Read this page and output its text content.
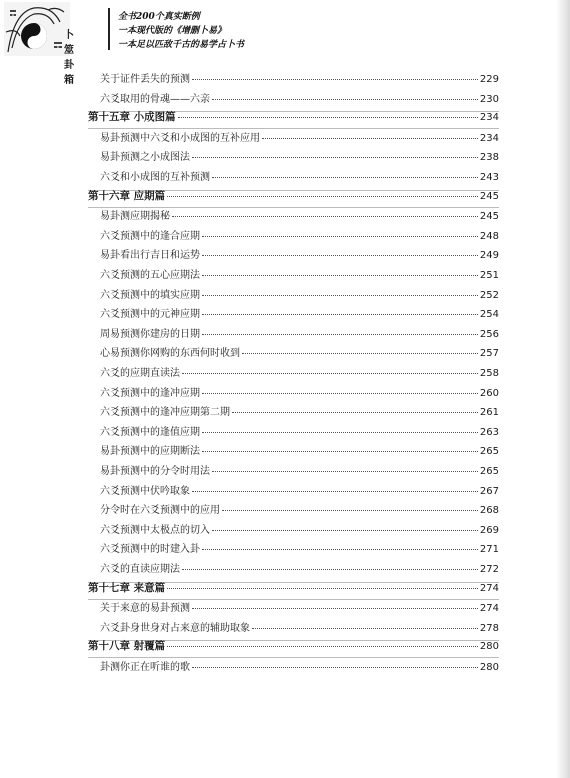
卜筮卦箱
全书200个真实断例
一本现代版的《增删卜易》
一本足以匹敌千古的易学占卜书
关于证件丢失的预测	229
六爻取用的骨魂——六亲	230
第十五章 小成图篇	234
易卦预测中六爻和小成图的互补应用	234
易卦预测之小成图法	238
六爻和小成图的互补预测	243
第十六章 应期篇	245
易卦测应期揭秘	245
六爻预测中的逢合应期	248
易卦看出行吉日和运势	249
六爻预测的五心应期法	251
六爻预测中的填实应期	252
六爻预测中的元神应期	254
周易预测你建房的日期	256
心易预测你网购的东西何时收到	257
六爻的应期直读法	258
六爻预测中的逢冲应期	260
六爻预测中的逢冲应期第二期	261
六爻预测中的逢值应期	263
易卦预测中的应期断法	265
易卦预测中的分令时用法	265
六爻预测中伏吟取象	267
分令时在六爻预测中的应用	268
六爻预测中太极点的切入	269
六爻预测中的时建入卦	271
六爻的直读应期法	272
第十七章 来意篇	274
关于来意的易卦预测	274
六爻卦身世身对占来意的辅助取象	278
第十八章 射覆篇	280
卦测你正在听谁的歌	280
